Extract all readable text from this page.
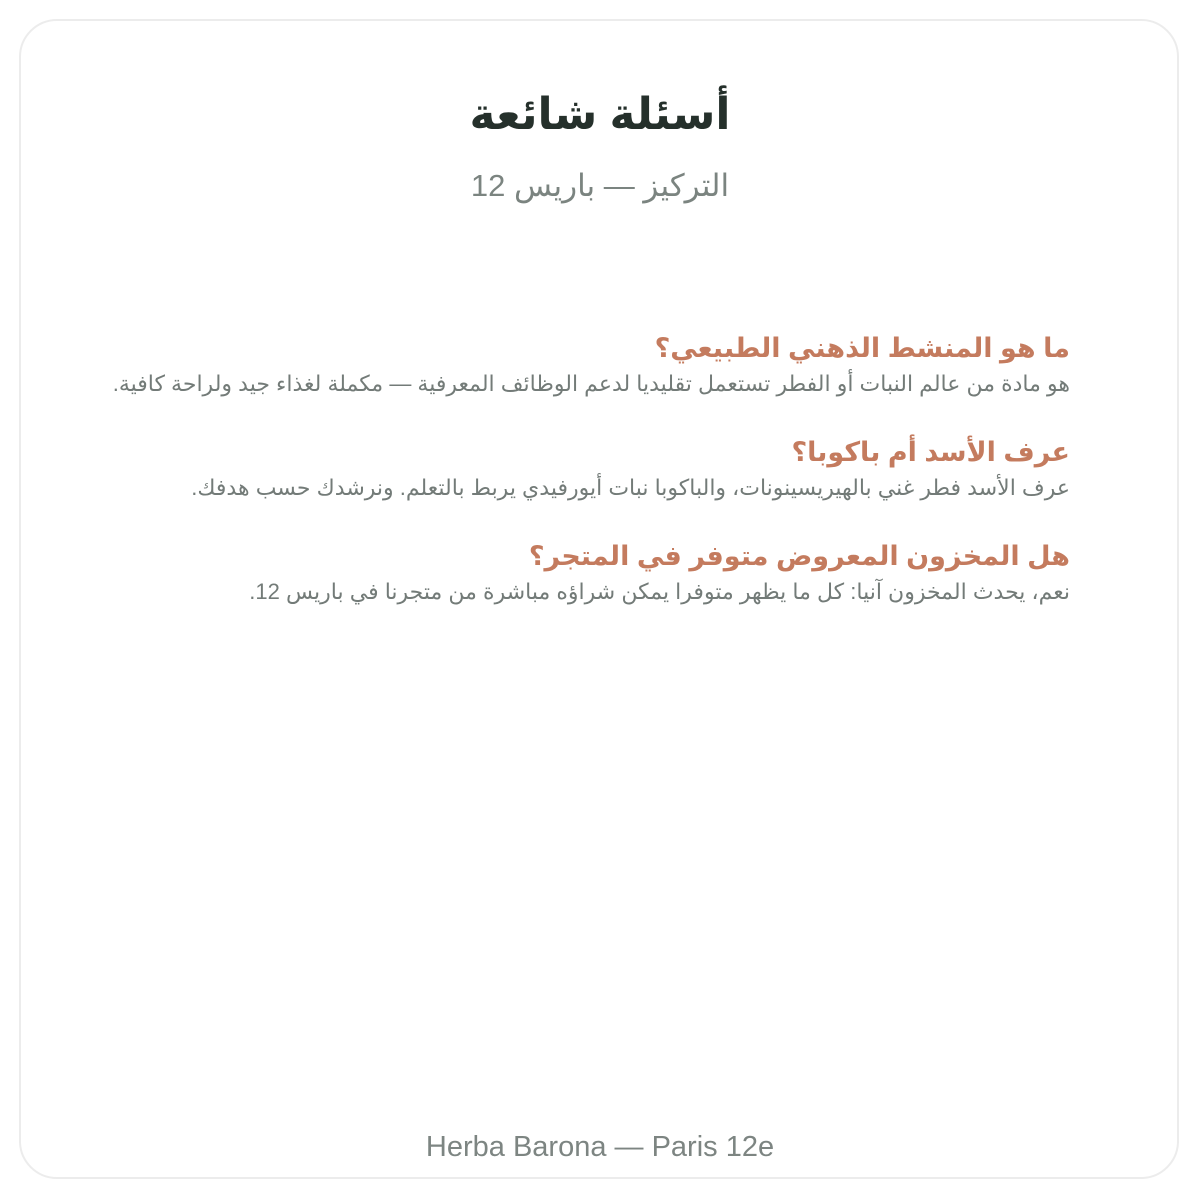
أسئلة شائعة
التركيز — باريس 12
ما هو المنشط الذهني الطبيعي؟
هو مادة من عالم النبات أو الفطر تستعمل تقليديا لدعم الوظائف المعرفية — مكملة لغذاء جيد ولراحة كافية.
عرف الأسد أم باكوبا؟
عرف الأسد فطر غني بالهيريسينونات، والباكوبا نبات أيورفيدي يربط بالتعلم. ونرشدك حسب هدفك.
هل المخزون المعروض متوفر في المتجر؟
نعم، يحدث المخزون آنيا: كل ما يظهر متوفرا يمكن شراؤه مباشرة من متجرنا في باريس 12.
Herba Barona — Paris 12e
